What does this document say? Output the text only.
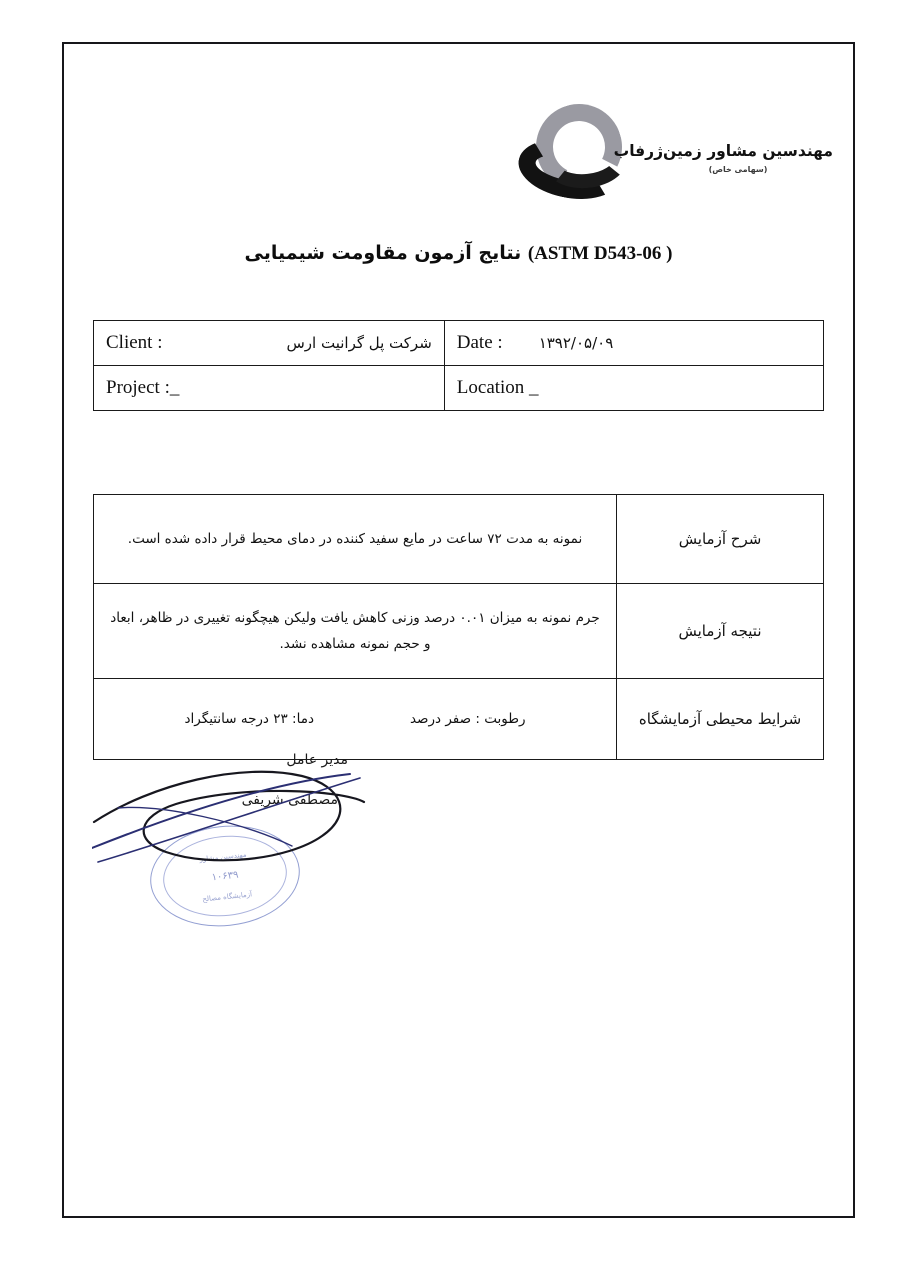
مهندسین مشاور زمین‌ژرفاب
(سهامی خاص)
( ASTM D543-06) نتایج آزمون مقاومت شیمیایی
Client : شرکت پل گرانیت ارس	Date : ۱۳۹۲/۰۵/۰۹

Project :_	Location _
شرح آزمایش	نمونه به مدت ۷۲ ساعت در مایع سفید کننده در دمای محیط قرار داده شده است.
نتیجه آزمایش	جرم نمونه به میزان ۰.۰۱ درصد وزنی کاهش یافت ولیکن هیچگونه تغییری در ظاهر، ابعاد و حجم نمونه مشاهده نشد.
شرایط محیطی آزمایشگاه	رطوبت : صفر درصد
دما: ۲۳ درجه سانتیگراد
مدیر عامل
مصطفی شریفی
مهندسین مشاور
۱۰۶۳۹
آزمایشگاه مصالح
